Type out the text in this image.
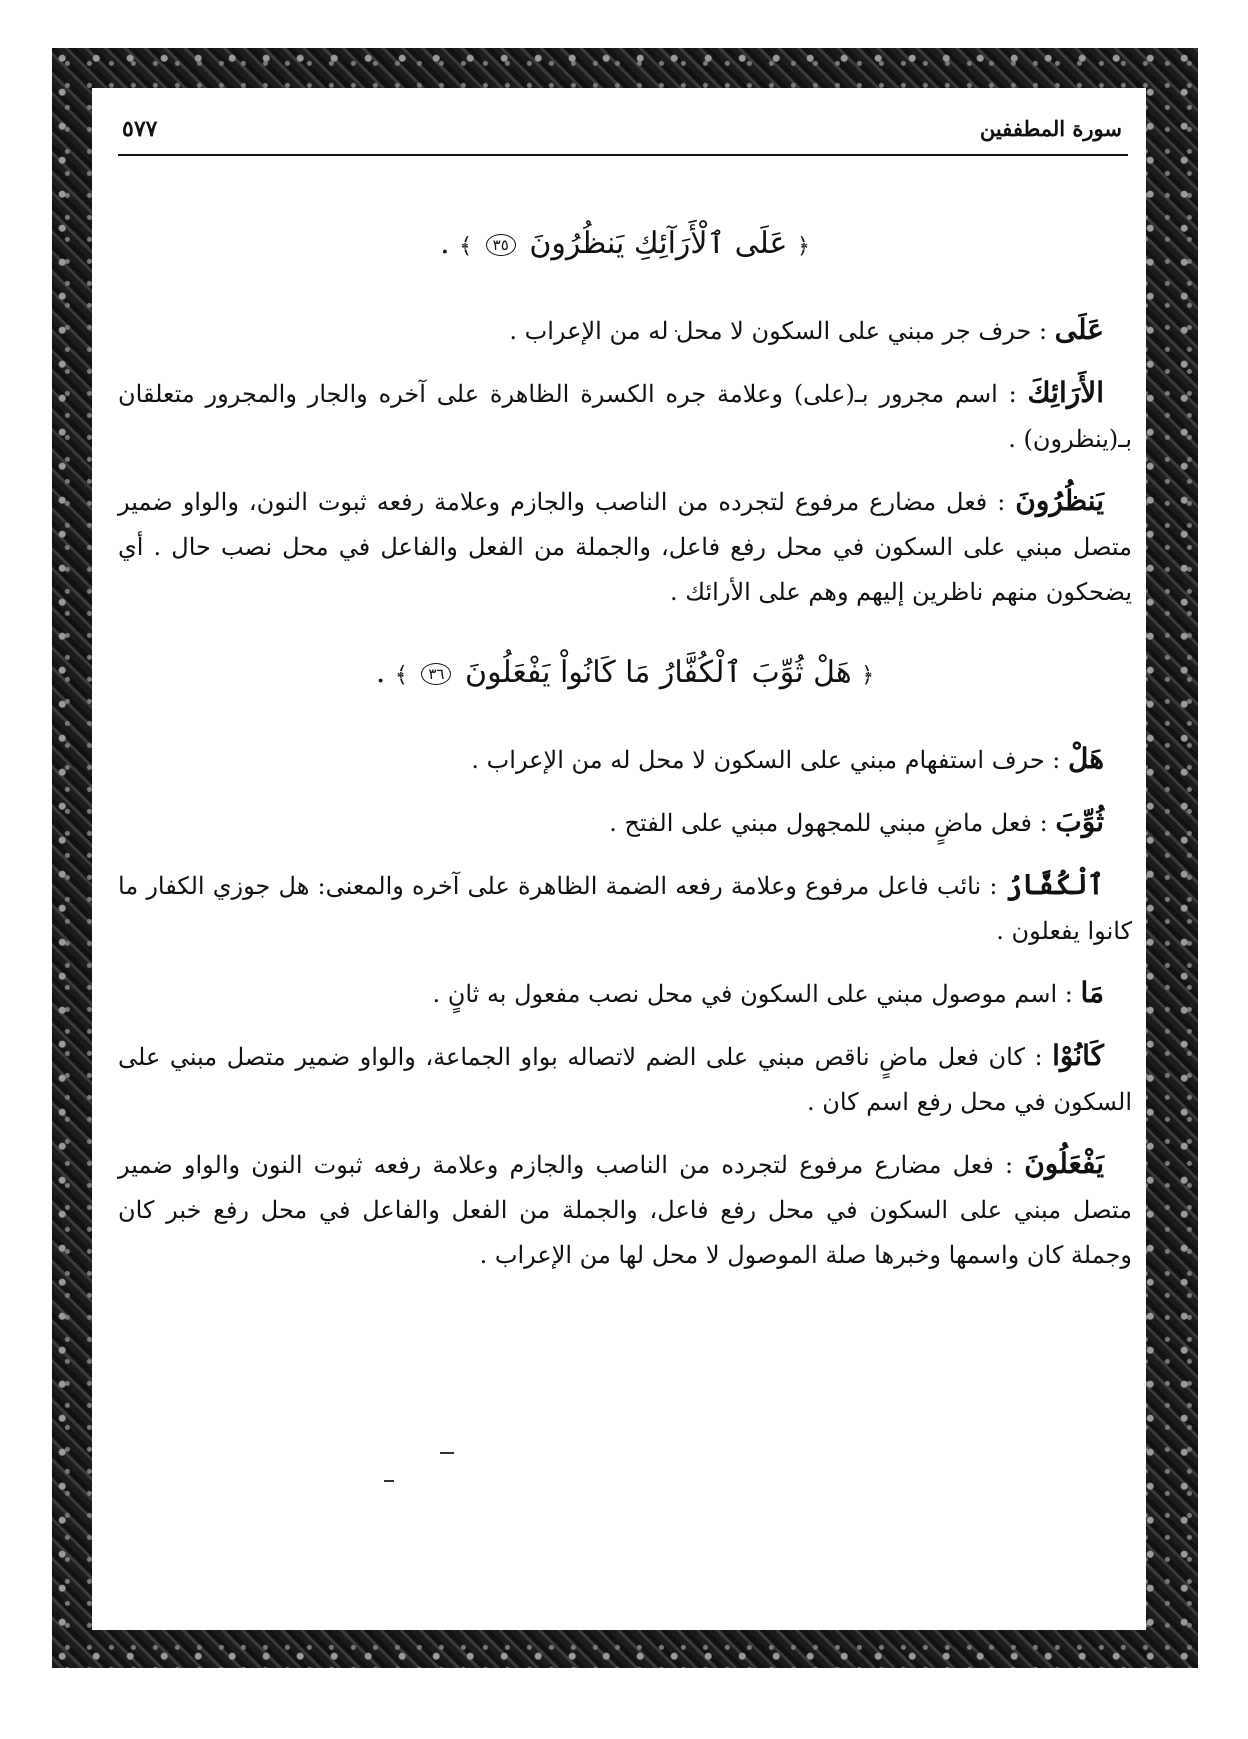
سورة المطففين
٥٧٧
﴿ عَلَى ٱلْأَرَآئِكِ يَنظُرُونَ ٣٥ ﴾ .

عَلَى : حرف جر مبني على السكون لا محل له من الإعراب .

الأَرَائِكَ : اسم مجرور بـ(على) وعلامة جره الكسرة الظاهرة على آخره والجار والمجرور متعلقان بـ(ينظرون) .

يَنظُرُونَ : فعل مضارع مرفوع لتجرده من الناصب والجازم وعلامة رفعه ثبوت النون، والواو ضمير متصل مبني على السكون في محل رفع فاعل، والجملة من الفعل والفاعل في محل نصب حال . أي يضحكون منهم ناظرين إليهم وهم على الأرائك .

﴿ هَلْ ثُوِّبَ ٱلْكُفَّارُ مَا كَانُواْ يَفْعَلُونَ ٣٦ ﴾ .

هَلْ : حرف استفهام مبني على السكون لا محل له من الإعراب .

ثُوِّبَ : فعل ماضٍ مبني للمجهول مبني على الفتح .

ٱلْكُفَّارُ : نائب فاعل مرفوع وعلامة رفعه الضمة الظاهرة على آخره والمعنى: هل جوزي الكفار ما كانوا يفعلون .

مَا : اسم موصول مبني على السكون في محل نصب مفعول به ثانٍ .

كَانُوْا : كان فعل ماضٍ ناقص مبني على الضم لاتصاله بواو الجماعة، والواو ضمير متصل مبني على السكون في محل رفع اسم كان .

يَفْعَلُونَ : فعل مضارع مرفوع لتجرده من الناصب والجازم وعلامة رفعه ثبوت النون والواو ضمير متصل مبني على السكون في محل رفع فاعل، والجملة من الفعل والفاعل في محل رفع خبر كان وجملة كان واسمها وخبرها صلة الموصول لا محل لها من الإعراب .
